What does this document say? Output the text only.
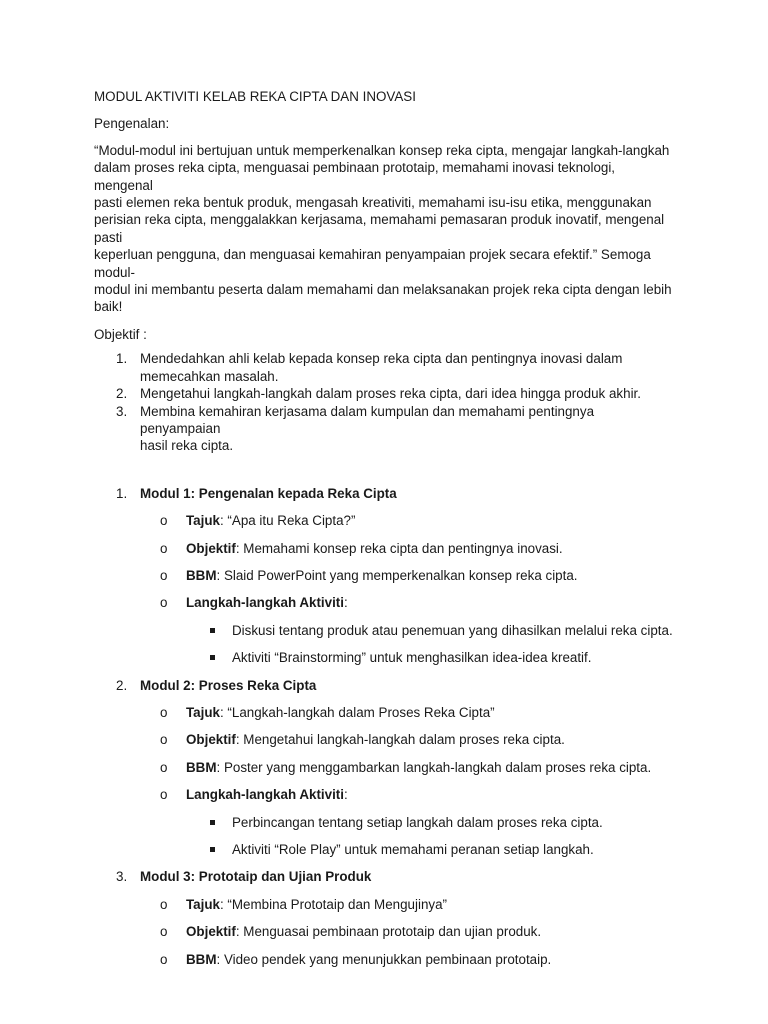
MODUL AKTIVITI KELAB REKA CIPTA DAN INOVASI
Pengenalan:
“Modul-modul ini bertujuan untuk memperkenalkan konsep reka cipta, mengajar langkah-langkah
dalam proses reka cipta, menguasai pembinaan prototaip, memahami inovasi teknologi, mengenal
pasti elemen reka bentuk produk, mengasah kreativiti, memahami isu-isu etika, menggunakan
perisian reka cipta, menggalakkan kerjasama, memahami pemasaran produk inovatif, mengenal pasti
keperluan pengguna, dan menguasai kemahiran penyampaian projek secara efektif.” Semoga modul-
modul ini membantu peserta dalam memahami dan melaksanakan projek reka cipta dengan lebih
baik!
Objektif :
1. Mendedahkan ahli kelab kepada konsep reka cipta dan pentingnya inovasi dalam
memecahkan masalah.
2. Mengetahui langkah-langkah dalam proses reka cipta, dari idea hingga produk akhir.
3. Membina kemahiran kerjasama dalam kumpulan dan memahami pentingnya penyampaian
hasil reka cipta.
1. Modul 1: Pengenalan kepada Reka Cipta
o Tajuk: “Apa itu Reka Cipta?”
o Objektif: Memahami konsep reka cipta dan pentingnya inovasi.
o BBM: Slaid PowerPoint yang memperkenalkan konsep reka cipta.
o Langkah-langkah Aktiviti:
Diskusi tentang produk atau penemuan yang dihasilkan melalui reka cipta.
Aktiviti “Brainstorming” untuk menghasilkan idea-idea kreatif.
2. Modul 2: Proses Reka Cipta
o Tajuk: “Langkah-langkah dalam Proses Reka Cipta”
o Objektif: Mengetahui langkah-langkah dalam proses reka cipta.
o BBM: Poster yang menggambarkan langkah-langkah dalam proses reka cipta.
o Langkah-langkah Aktiviti:
Perbincangan tentang setiap langkah dalam proses reka cipta.
Aktiviti “Role Play” untuk memahami peranan setiap langkah.
3. Modul 3: Prototaip dan Ujian Produk
o Tajuk: “Membina Prototaip dan Mengujinya”
o Objektif: Menguasai pembinaan prototaip dan ujian produk.
o BBM: Video pendek yang menunjukkan pembinaan prototaip.
